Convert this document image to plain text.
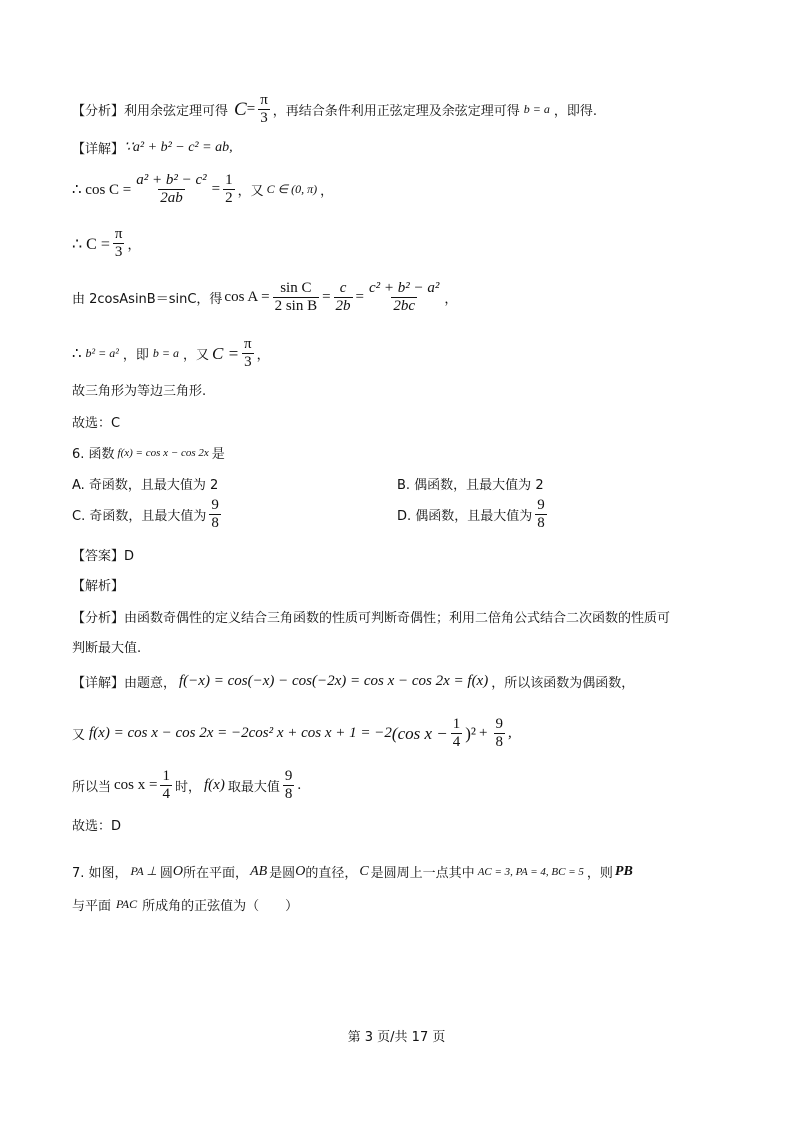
【分析】 利用余弦定理可得 $C = \frac{\pi}{3}$ ，再结合条件利用正弦定理及余弦定理可得 b = a ，即得.
【详解】 ∵a² + b² − c² = ab,
∴ $\cos C = \frac{\text{a² + b² − c²}}{2ab} = \frac{1}{2}$ ，又 C ∈ (0, π) ，
∴ $C = \frac{\pi}{3}$ ，
由 2cosAsinB＝sinC，得 $\cos A = \frac{\text{sin C}}{\text{2 sin B}} = \frac{c}{2b} = \frac{\text{c² + b² − a²}}{2bc}$ ，
∴ b² = a² ，即 b = a ，又 $C = \frac{\pi}{3}$ ，
故三角形为等边三角形.
故选：C
6. 函数 f(x) = cos x − cos 2x 是
A. 奇函数，且最大值为 2	B. 偶函数，且最大值为 2
C. 奇函数，且最大值为 $\frac{9}{8}$	D. 偶函数，且最大值为 $\frac{9}{8}$
【答案】D
【解析】
【分析】由函数奇偶性的定义结合三角函数的性质可判断奇偶性；利用二倍角公式结合二次函数的性质可
判断最大值.
【详解】由题意， f(−x) = cos(−x) − cos(−2x) = cos x − cos 2x = f(x) ，所以该函数为偶函数，
又 f(x) = cos x − cos 2x = −2cos² x + cos x + 1 = −2 (cos $x - \frac{1}{4} )^2 + \frac{9}{8}$ ,
所以当 $\cos x = \frac{1}{4}$ 时， f(x) 取最大值 $\frac{9}{8}$ .
故选：D
7. 如图， PA ⊥ 圆 O 所在平面， AB 是圆 O 的直径， C 是圆周上一点其中 AC = 3, PA = 4, BC = 5 ，则 PB
与平面 PAC 所成角的正弦值为（　　）
第 3 页/共 17 页
